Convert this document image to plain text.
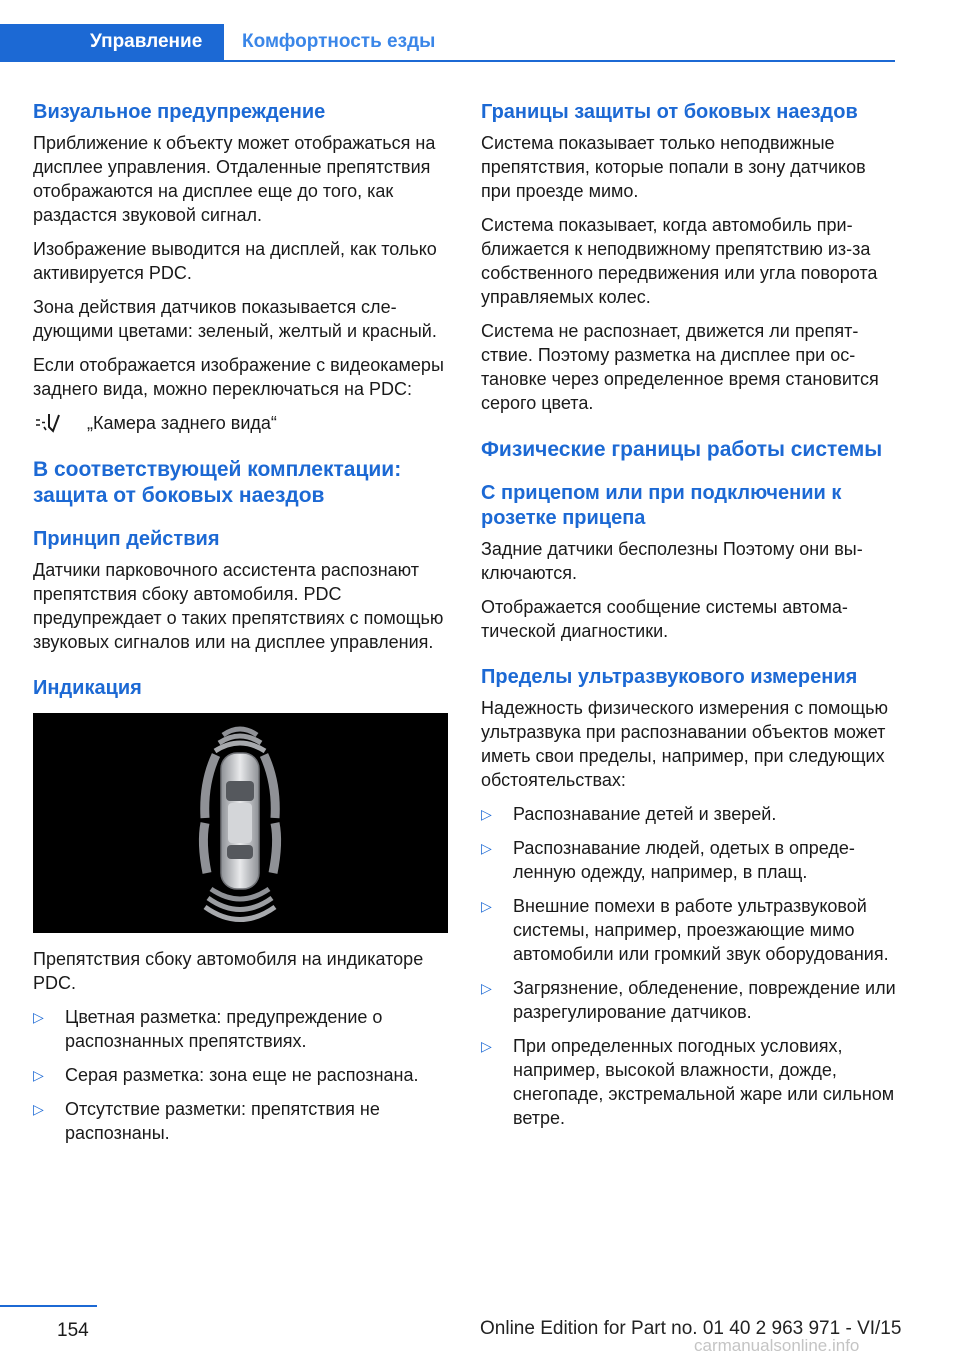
Управление Комфортность езды
Визуальное предупреждение

Приближение к объекту может отображаться на дисплее управления. Отдаленные препятствия отображаются на дисплее еще до того, как раздастся звуковой сигнал.

Изображение выводится на дисплей, как только активируется PDC.

Зона действия датчиков показывается следующими цветами: зеленый, желтый и красный.

Если отображается изображение с видеокамеры заднего вида, можно переключаться на PDC:

„Камера заднего вида“
В соответствующей комплектации: защита от боковых наездов
Принцип действия

Датчики парковочного ассистента распознают препятствия сбоку автомобиля. PDC предупреждает о таких препятствиях с помощью звуковых сигналов или на дисплее управления.

Индикация

Препятствия сбоку автомобиля на индикаторе PDC.

▷ Цветная разметка: предупреждение о распознанных препятствиях.
▷ Серая разметка: зона еще не распознана.
▷ Отсутствие разметки: препятствия не распознаны.
Границы защиты от боковых наездов

Система показывает только неподвижные препятствия, которые попали в зону датчиков при проезде мимо.

Система показывает, когда автомобиль приближается к неподвижному препятствию из-за собственного передвижения или угла поворота управляемых колес.

Система не распознает, движется ли препятствие. Поэтому разметка на дисплее при остановке через определенное время становится серого цвета.

Физические границы работы системы
С прицепом или при подключении к розетке прицепа

Задние датчики бесполезны Поэтому они выключаются.

Отображается сообщение системы автоматической диагностики.

Пределы ультразвукового измерения

Надежность физического измерения с помощью ультразвука при распознавании объектов может иметь свои пределы, например, при следующих обстоятельствах:

▷ Распознавание детей и зверей.
▷ Распознавание людей, одетых в определенную одежду, например, в плащ.
▷ Внешние помехи в работе ультразвуковой системы, например, проезжающие мимо автомобили или громкий звук оборудования.
▷ Загрязнение, обледенение, повреждение или разрегулирование датчиков.
▷ При определенных погодных условиях, например, высокой влажности, дожде, снегопаде, экстремальной жаре или сильном ветре.
154	Online Edition for Part no. 01 40 2 963 971 - VI/15
carmanualsonline.info
